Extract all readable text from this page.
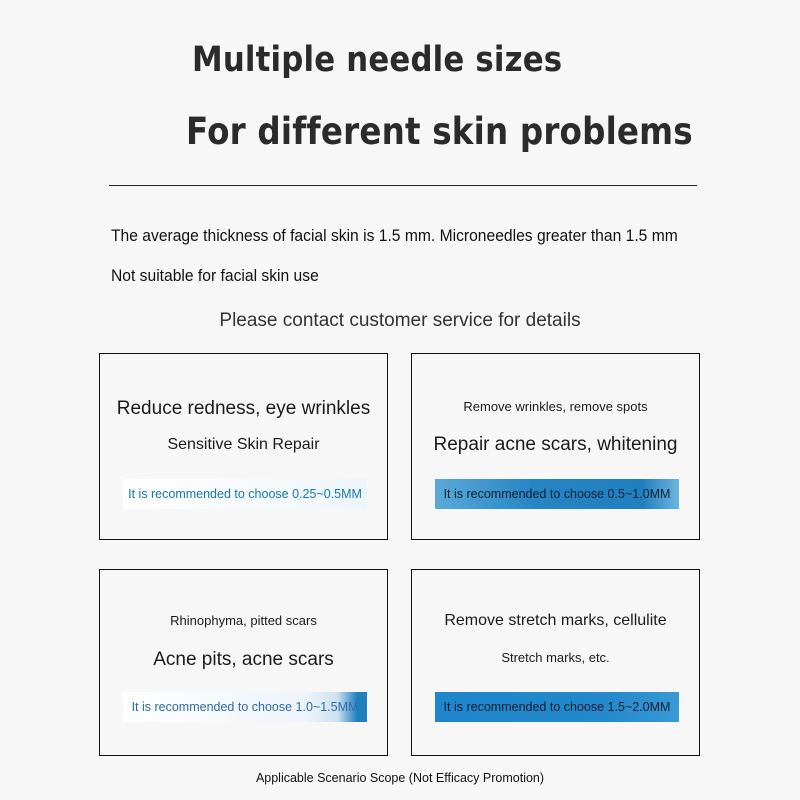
Multiple needle sizes
For different skin problems
The average thickness of facial skin is 1.5 mm. Microneedles greater than 1.5 mm
Not suitable for facial skin use
Please contact customer service for details
Reduce redness, eye wrinkles
Sensitive Skin Repair
It is recommended to choose 0.25~0.5MM
Remove wrinkles, remove spots
Repair acne scars, whitening
It is recommended to choose 0.5~1.0MM
Rhinophyma, pitted scars
Acne pits, acne scars
It is recommended to choose 1.0~1.5MM
Remove stretch marks, cellulite
Stretch marks, etc.
It is recommended to choose 1.5~2.0MM
Applicable Scenario Scope (Not Efficacy Promotion)
